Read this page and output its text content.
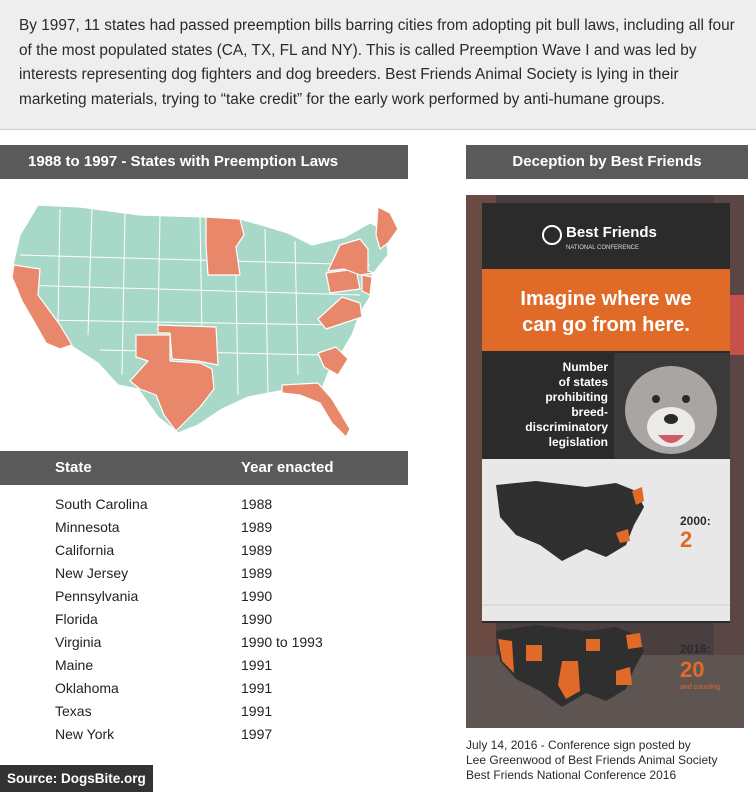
By 1997, 11 states had passed preemption bills barring cities from adopting pit bull laws, including all four of the most populated states (CA, TX, FL and NY). This is called Preemption Wave I and was led by interests representing dog fighters and dog breeders. Best Friends Animal Society is lying in their marketing materials, trying to “take credit” for the early work performed by anti-humane groups.
1988 to 1997 - States with Preemption Laws	Deception by Best Friends
State	Year enacted
South Carolina	1988
Minnesota	1989
California	1989
New Jersey	1989
Pennsylvania	1990
Florida	1990
Virginia	1990 to 1993
Maine	1991
Oklahoma	1991
Texas	1991
New York	1997
Source: DogsBite.org
Best Friends
NATIONAL CONFERENCE
Imagine where we
can go from here.
Number
of states
prohibiting
breed-
discriminatory
legislation
2000:
2
2016:
20
and counting
July 14, 2016 - Conference sign posted by
Lee Greenwood of Best Friends Animal Society
Best Friends National Conference 2016
